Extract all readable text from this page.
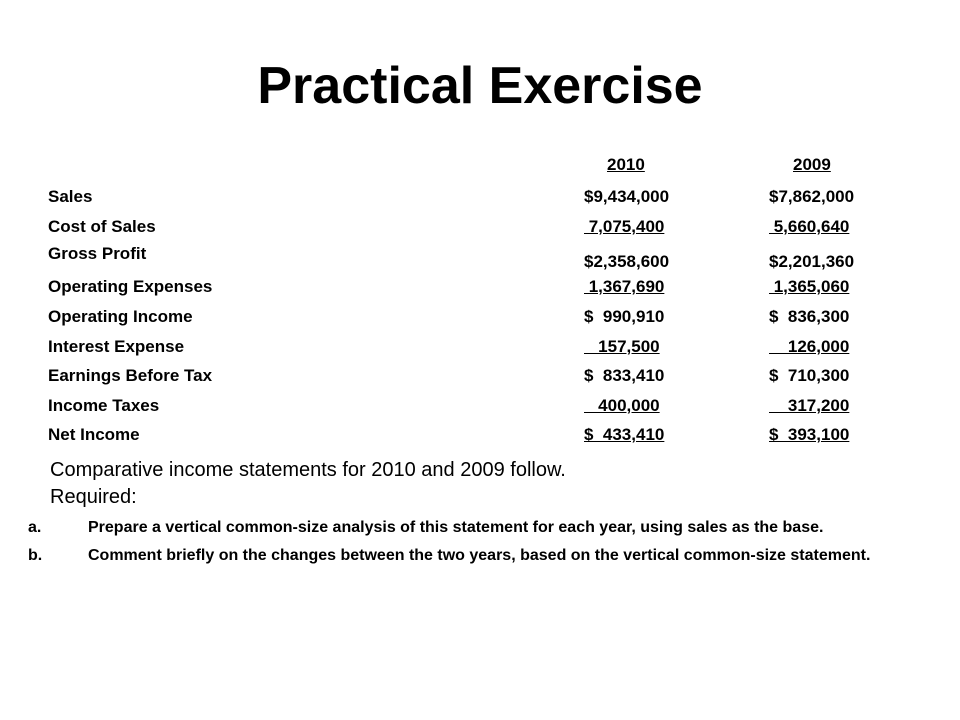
Practical Exercise
2010	2009
Sales	$9,434,000	$7,862,000
Cost of Sales	7,075,400	5,660,640
Gross Profit	$2,358,600	$2,201,360
Operating Expenses	1,367,690	1,365,060
Operating Income	$  990,910	$  836,300
Interest Expense	157,500	126,000
Earnings Before Tax	$  833,410	$  710,300
Income Taxes	400,000	317,200
Net Income	$  433,410	$  393,100
Comparative income statements for 2010 and 2009 follow.
Required:
a.	Prepare a vertical common-size analysis of this statement for each year, using sales as the base.
b.	Comment briefly on the changes between the two years, based on the vertical common-size statement.
